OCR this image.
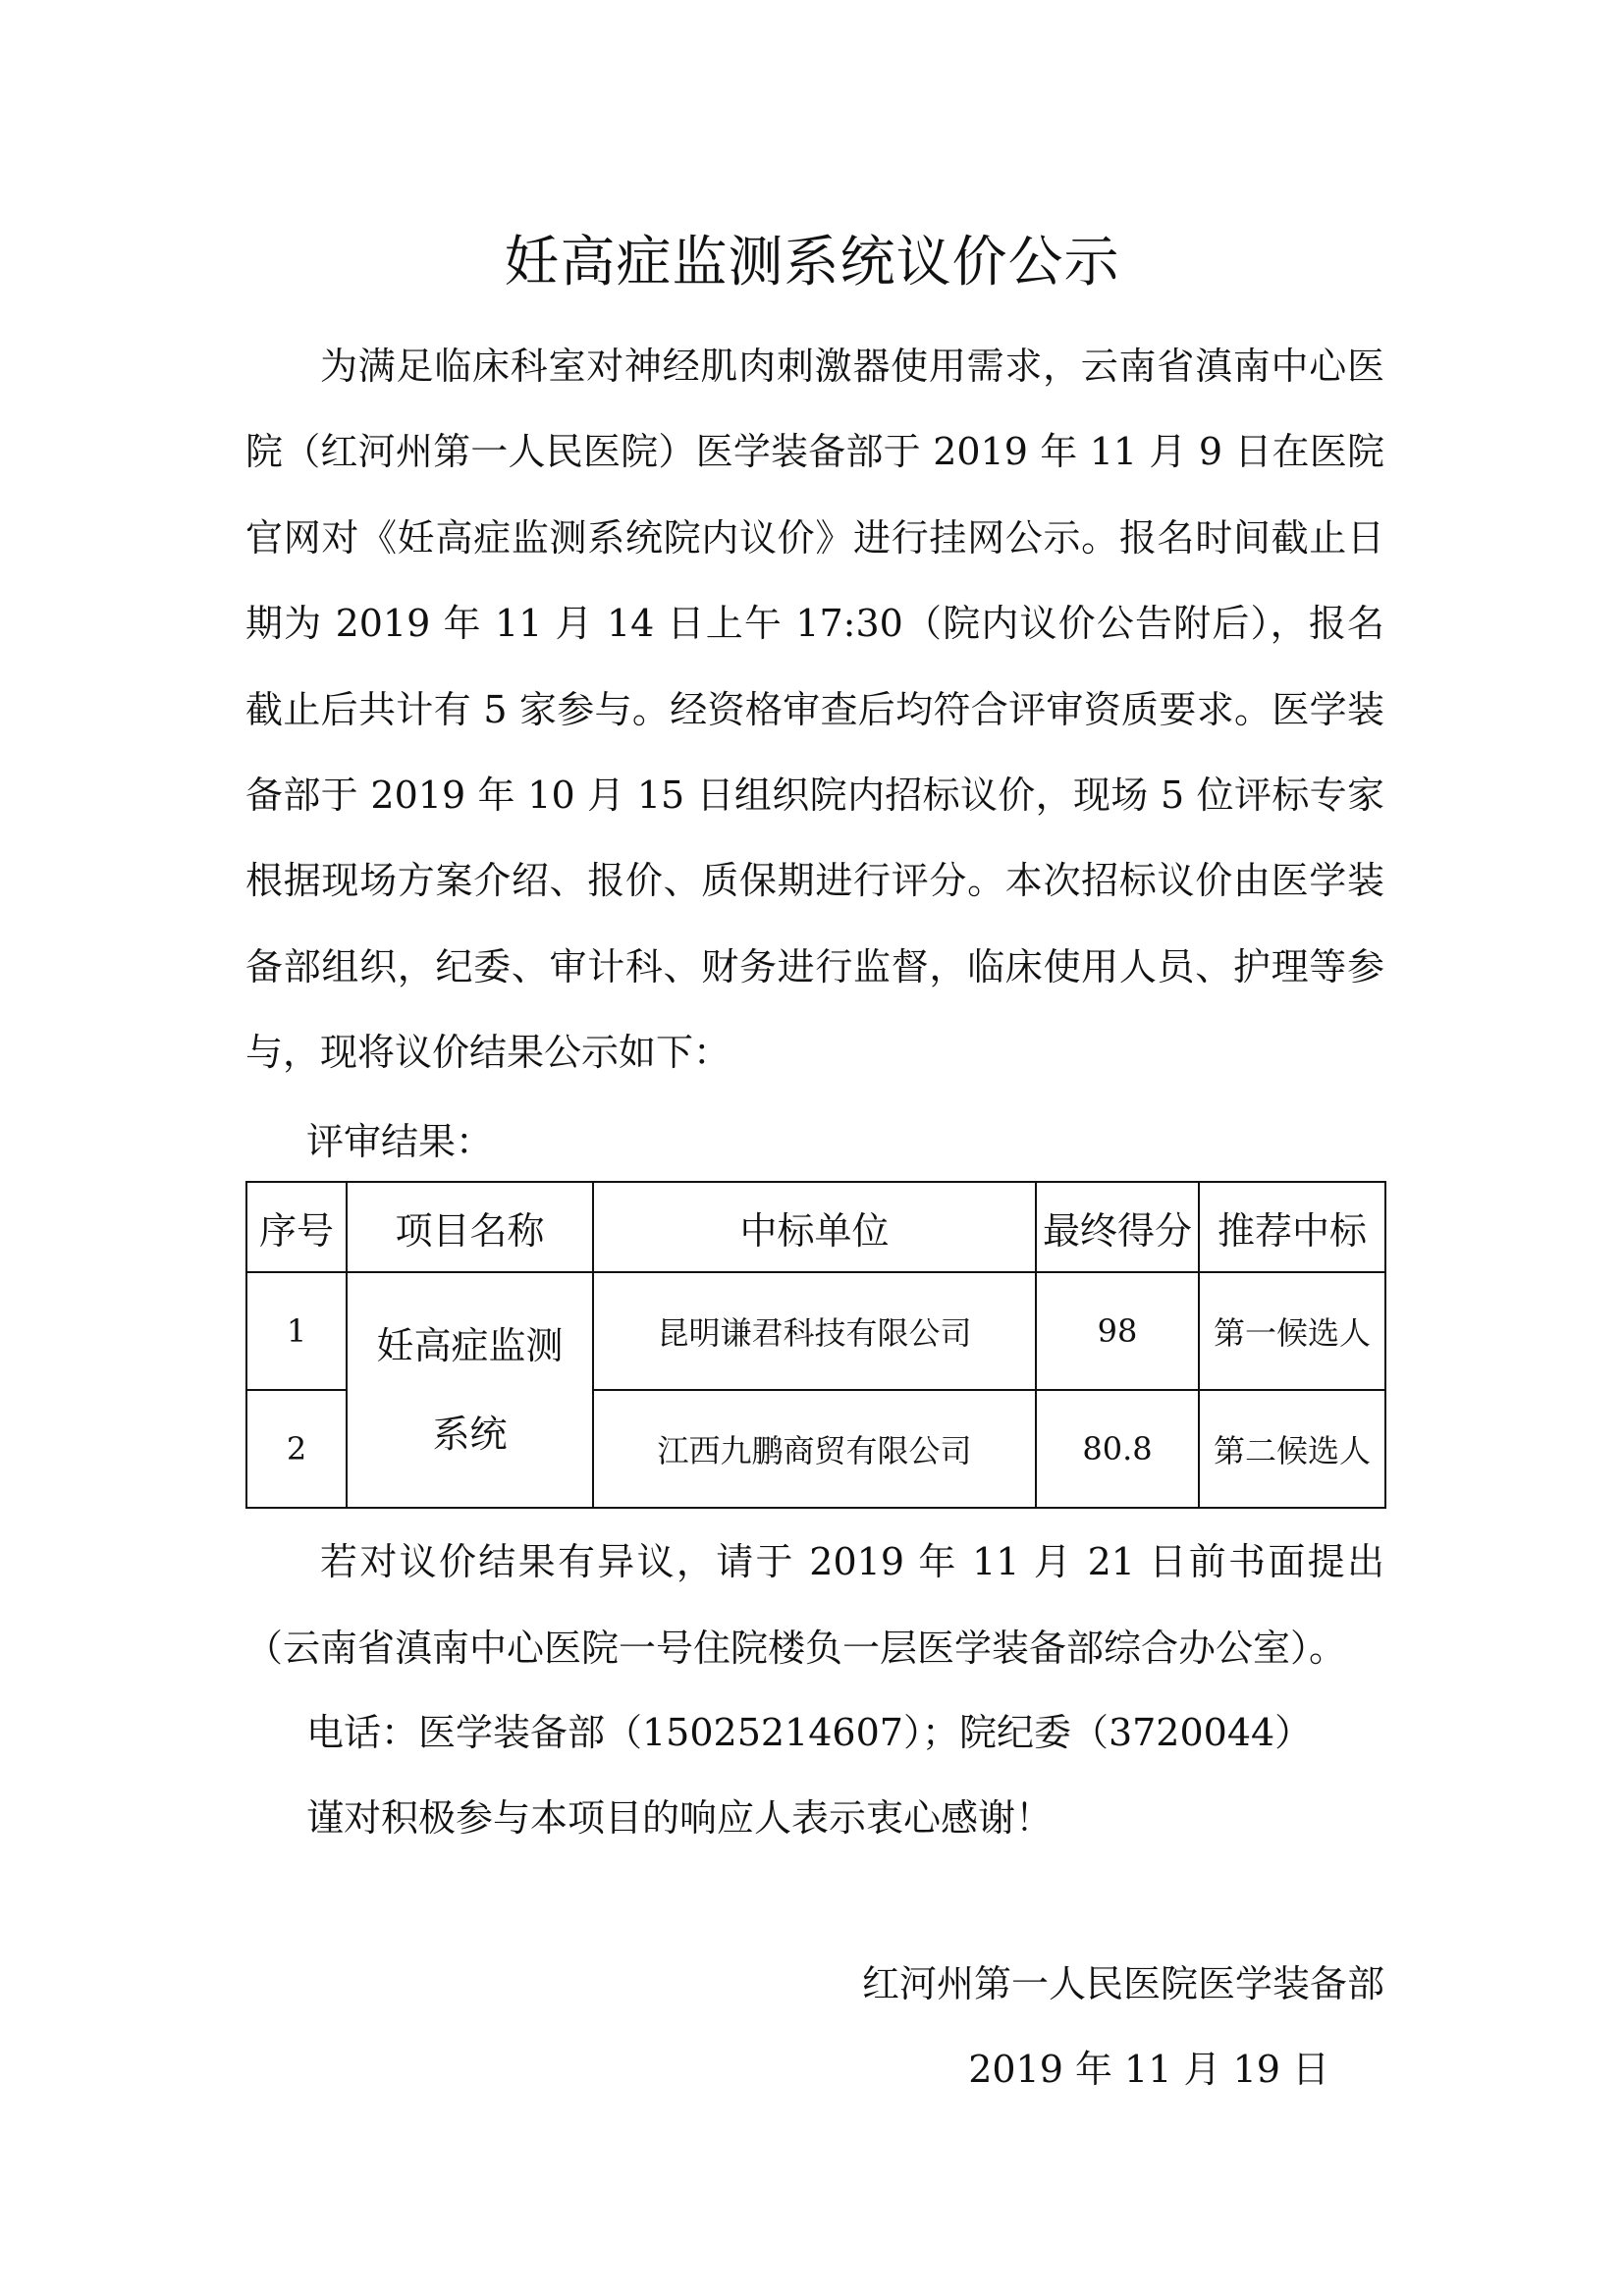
妊高症监测系统议价公示

为满足临床科室对神经肌肉刺激器使用需求，云南省滇南中心医院（红河州第一人民医院）医学装备部于 2019 年 11 月 9 日在医院官网对《妊高症监测系统院内议价》进行挂网公示。报名时间截止日期为 2019 年 11 月 14 日上午 17:30（院内议价公告附后），报名截止后共计有 5 家参与。经资格审查后均符合评审资质要求。医学装备部于 2019 年 10 月 15 日组织院内招标议价，现场 5 位评标专家根据现场方案介绍、报价、质保期进行评分。本次招标议价由医学装备部组织，纪委、审计科、财务进行监督，临床使用人员、护理等参与，现将议价结果公示如下：

评审结果：
序号	项目名称	中标单位	最终得分	推荐中标
1	妊高症监测系统	昆明谦君科技有限公司	98	第一候选人
2		江西九鹏商贸有限公司	80.8	第二候选人

若对议价结果有异议，请于 2019 年 11 月 21 日前书面提出（云南省滇南中心医院一号住院楼负一层医学装备部综合办公室）。

电话：医学装备部（15025214607）；院纪委（3720044）
谨对积极参与本项目的响应人表示衷心感谢！
红河州第一人民医院医学装备部
2019 年 11 月 19 日
